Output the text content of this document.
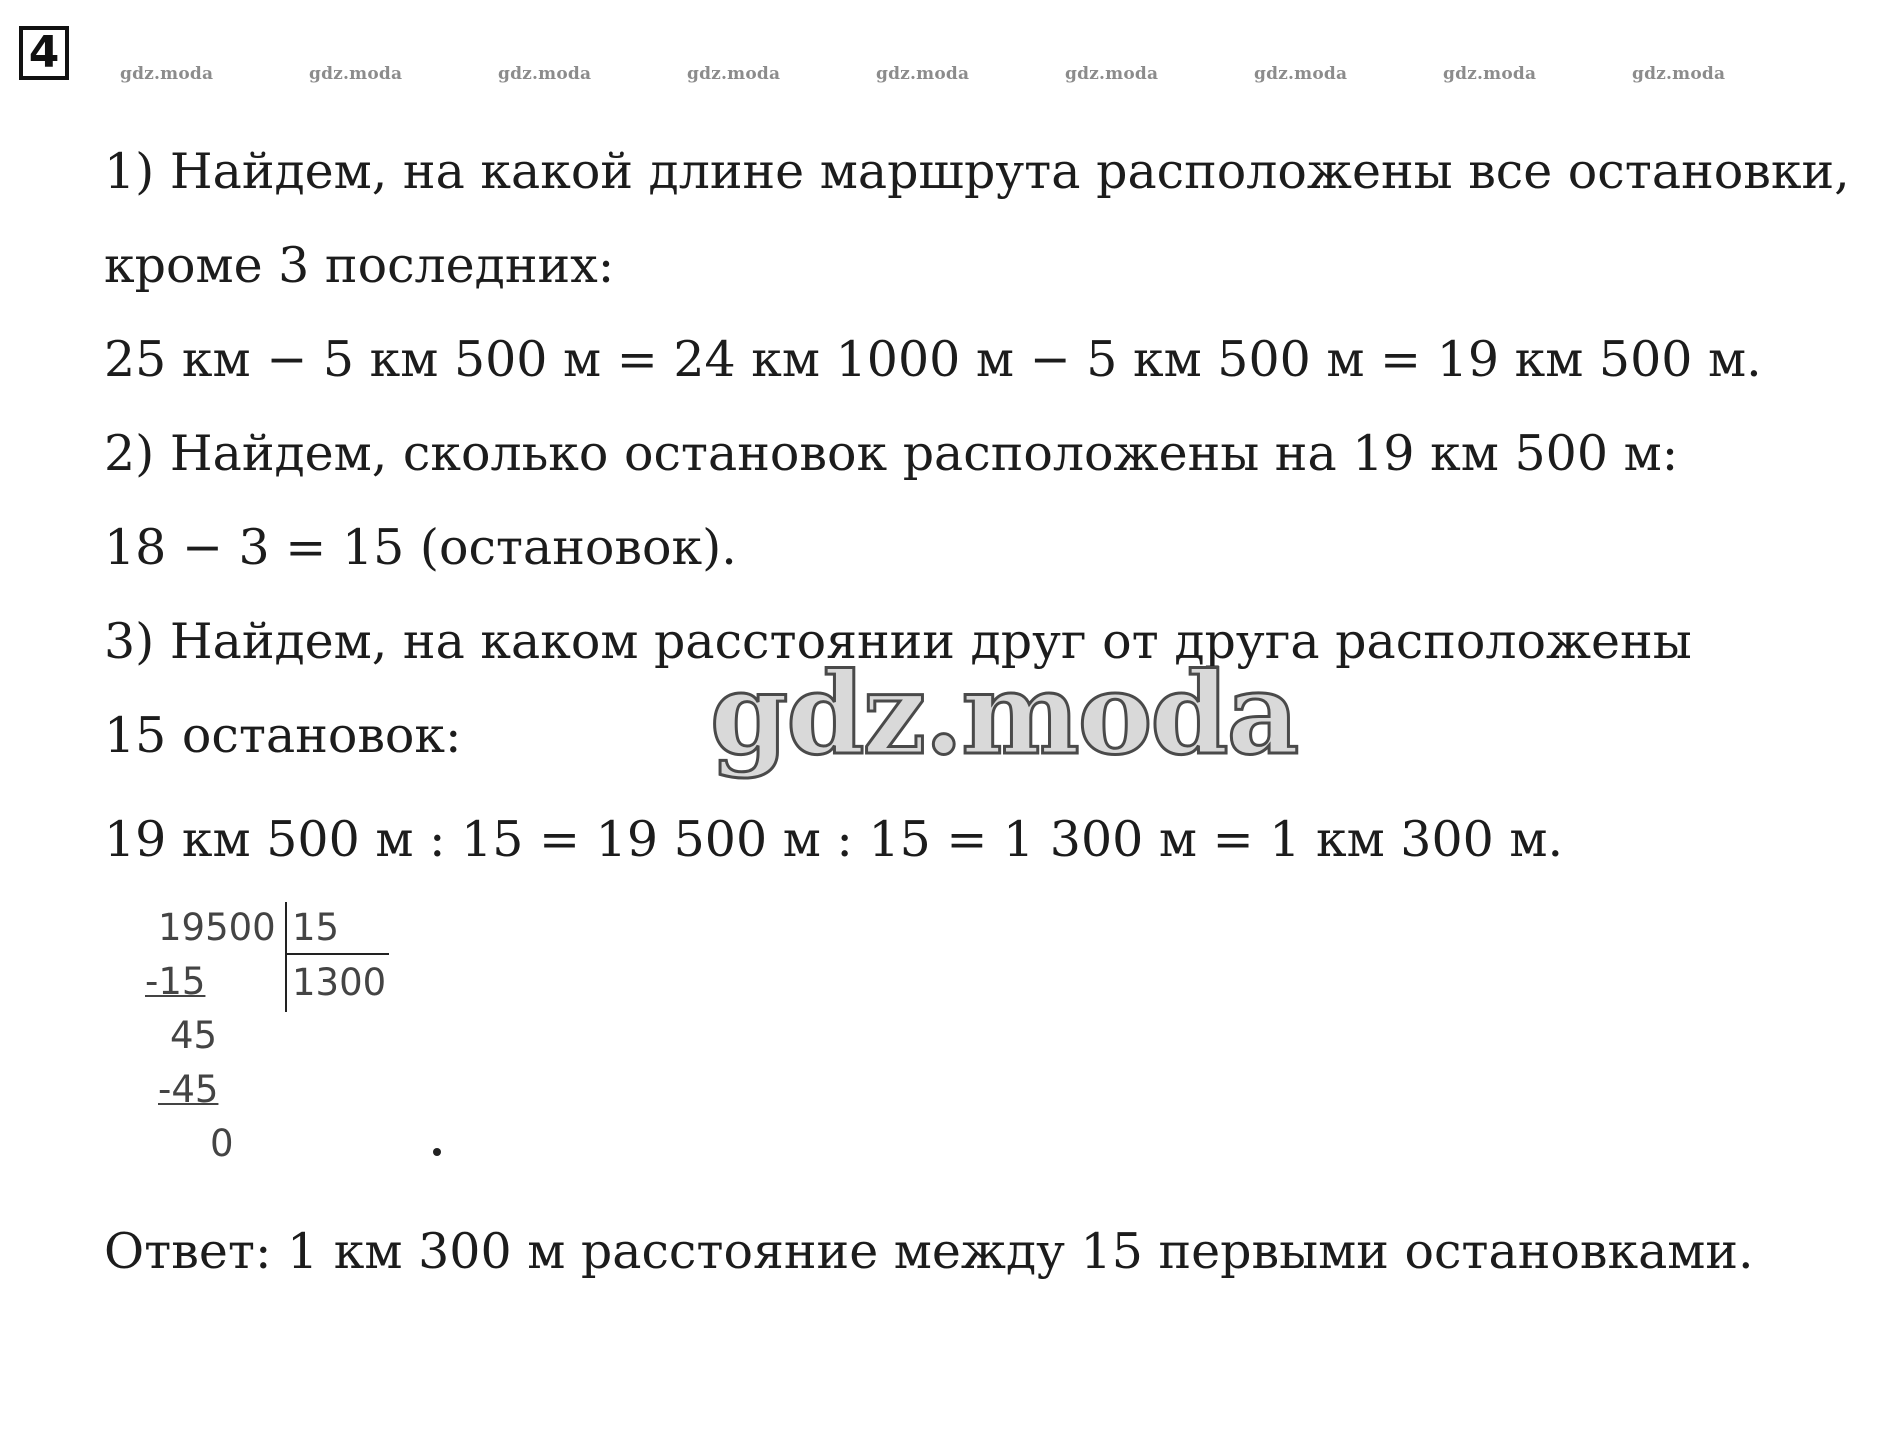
4	gdz.moda	gdz.moda	gdz.moda	gdz.moda	gdz.moda	gdz.moda	gdz.moda	gdz.moda	gdz.moda
1) Найдем, на какой длине маршрута расположены все остановки,
кроме 3 последних:
25 км − 5 км 500 м = 24 км 1000 м − 5 км 500 м = 19 км 500 м.
2) Найдем, сколько остановок расположены на 19 км 500 м:
18 − 3 = 15 (остановок).
3) Найдем, на каком расстоянии друг от друга расположены
15 остановок:
19 км 500 м : 15 = 19 500 м : 15 = 1 300 м = 1 км 300 м.
gdz.moda
19500 15
1300
-15
45
-45
0
Ответ: 1 км 300 м расстояние между 15 первыми остановками.
